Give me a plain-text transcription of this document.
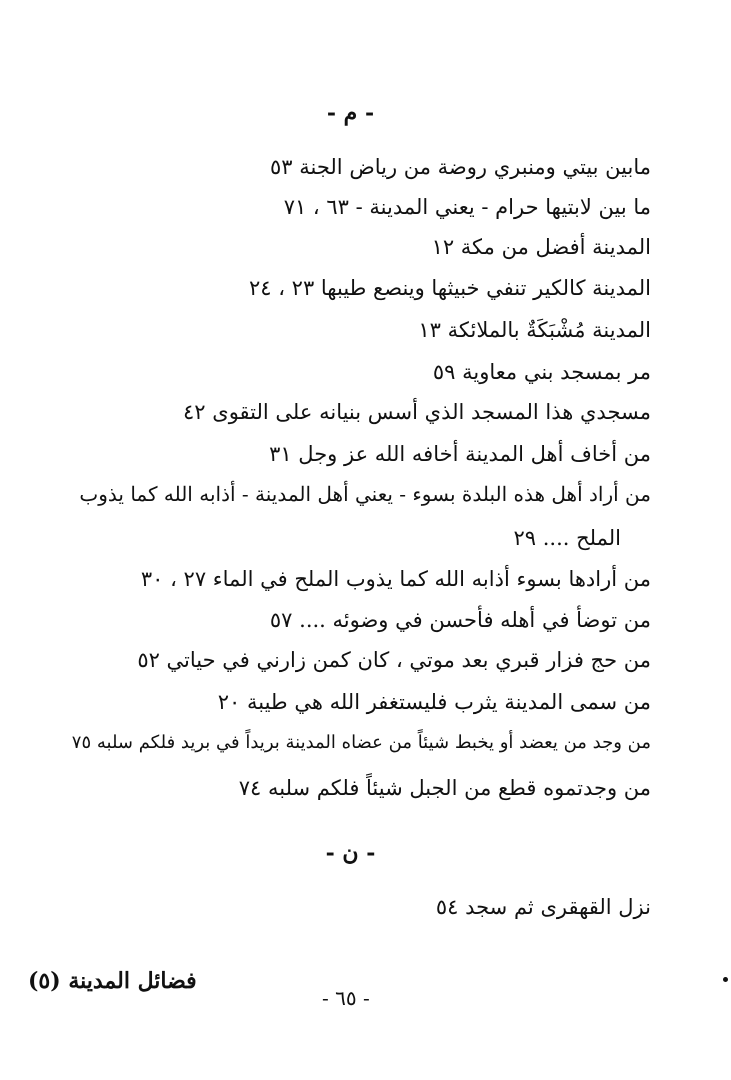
- م -
مابين بيتي ومنبري روضة من رياض الجنة ٥٣
ما بين لابتيها حرام - يعني المدينة - ٦٣ ، ٧١
المدينة أفضل من مكة ١٢
المدينة كالكير تنفي خبيثها وينصع طيبها ٢٣ ، ٢٤
المدينة مُشْبَكَةٌ بالملائكة ١٣
مر بمسجد بني معاوية ٥٩
مسجدي هذا المسجد الذي أسس بنيانه على التقوى ٤٢
من أخاف أهل المدينة أخافه الله عز وجل ٣١
من أراد أهل هذه البلدة بسوء - يعني أهل المدينة - أذابه الله كما يذوب
الملح .... ٢٩
من أرادها بسوء أذابه الله كما يذوب الملح في الماء ٢٧ ، ٣٠
من توضأ في أهله فأحسن في وضوئه .... ٥٧
من حج فزار قبري بعد موتي ، كان كمن زارني في حياتي ٥٢
من سمى المدينة يثرب فليستغفر الله هي طيبة ٢٠
من وجد من يعضد أو يخبط شيئاً من عضاه المدينة بريداً في بريد فلكم سلبه ٧٥
من وجدتموه قطع من الجبل شيئاً فلكم سلبه ٧٤
- ن -
نزل القهقرى ثم سجد ٥٤
فضائل المدينة (٥)
- ٦٥ -
